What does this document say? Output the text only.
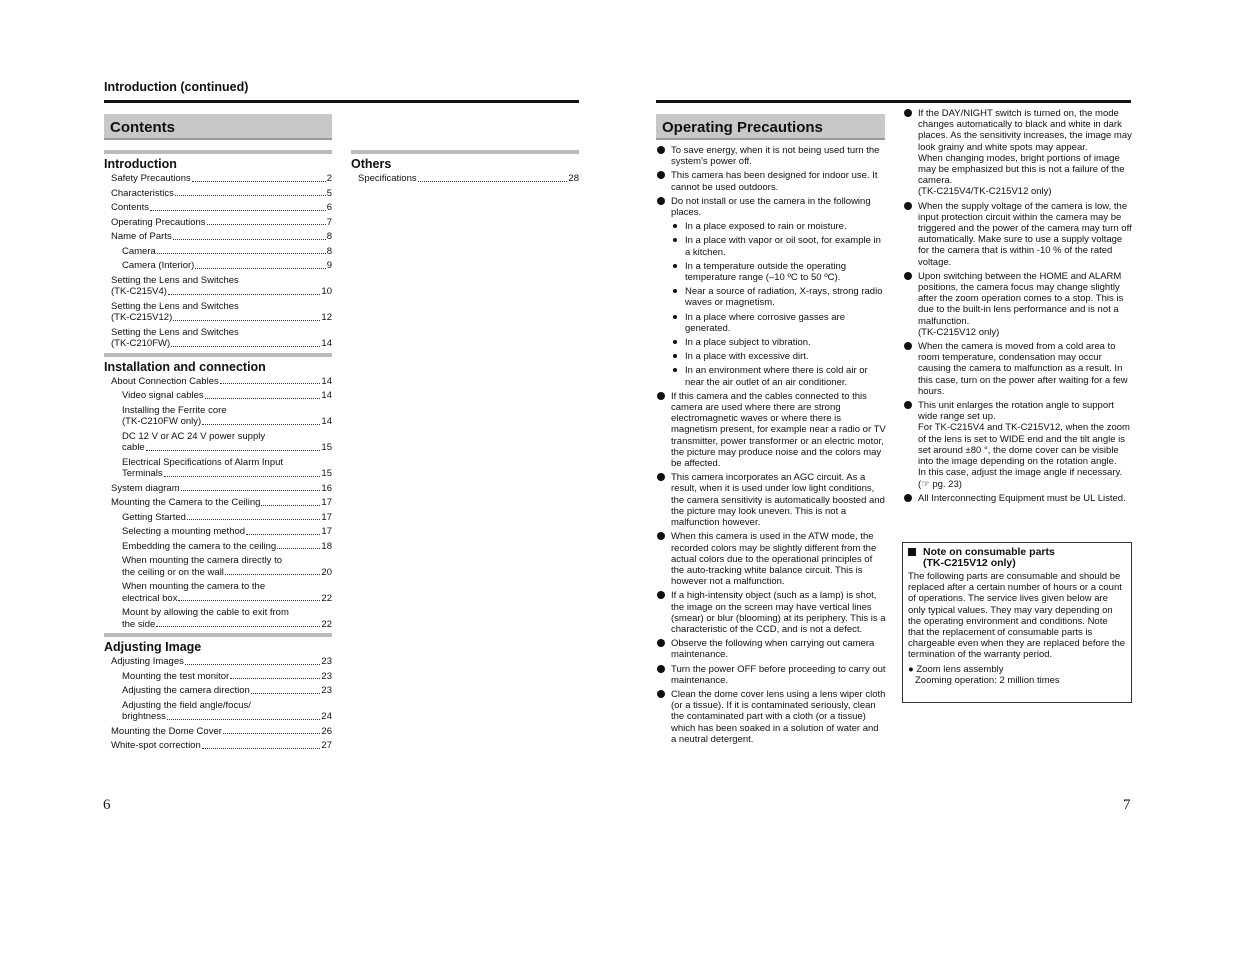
Introduction (continued)
Contents
Introduction
Safety Precautions	2
Characteristics	5
Contents	6
Operating Precautions	7
Name of Parts	8
Camera	8
Camera (Interior)	9
Setting the Lens and Switches
(TK-C215V4)	10
Setting the Lens and Switches
(TK-C215V12)	12
Setting the Lens and Switches
(TK-C210FW)	14
Installation and connection
About Connection Cables	14
Video signal cables	14
Installing the Ferrite core
(TK-C210FW only)	14
DC 12 V or AC 24 V power supply
cable	15
Electrical Specifications of Alarm Input
Terminals	15
System diagram	16
Mounting the Camera to the Ceiling	17
Getting Started	17
Selecting a mounting method	17
Embedding the camera to the ceiling	18
When mounting the camera directly to
the ceiling or on the wall	20
When mounting the camera to the
electrical box	22
Mount by allowing the cable to exit from
the side	22
Adjusting Image
Adjusting Images	23
Mounting the test monitor	23
Adjusting the camera direction	23
Adjusting the field angle/focus/
brightness	24
Mounting the Dome Cover	26
White-spot correction	27
Others
Specifications	28
6
Operating Precautions
To save energy, when it is not being used turn the system's power off.
This camera has been designed for indoor use. It cannot be used outdoors.
Do not install or use the camera in the following places.
In a place exposed to rain or moisture.
In a place with vapor or oil soot, for example in a kitchen.
In a temperature outside the operating temperature range (–10 ºC to 50 ºC).
Near a source of radiation, X-rays, strong radio waves or magnetism.
In a place where corrosive gasses are generated.
In a place subject to vibration.
In a place with excessive dirt.
In an environment where there is cold air or near the air outlet of an air conditioner.
If this camera and the cables connected to this camera are used where there are strong electromagnetic waves or where there is magnetism present, for example near a radio or TV transmitter, power transformer or an electric motor, the picture may produce noise and the colors may be affected.
This camera incorporates an AGC circuit. As a result, when it is used under low light conditions, the camera sensitivity is automatically boosted and the picture may look uneven. This is not a malfunction however.
When this camera is used in the ATW mode, the recorded colors may be slightly different from the actual colors due to the operational principles of the auto-tracking white balance circuit. This is however not a malfunction.
If a high-intensity object (such as a lamp) is shot, the image on the screen may have vertical lines (smear) or blur (blooming) at its periphery. This is a characteristic of the CCD, and is not a defect.
Observe the following when carrying out camera maintenance.
Turn the power OFF before proceeding to carry out maintenance.
Clean the dome cover lens using a lens wiper cloth (or a tissue). If it is contaminated seriously, clean the contaminated part with a cloth (or a tissue) which has been soaked in a solution of water and a neutral detergent.
If the DAY/NIGHT switch is turned on, the mode changes automatically to black and white in dark places. As the sensitivity increases, the image may look grainy and white spots may appear.
When changing modes, bright portions of image may be emphasized but this is not a failure of the camera.
(TK-C215V4/TK-C215V12 only)
When the supply voltage of the camera is low, the input protection circuit within the camera may be triggered and the power of the camera may turn off automatically. Make sure to use a supply voltage for the camera that is within -10 % of the rated voltage.
Upon switching between the HOME and ALARM positions, the camera focus may change slightly after the zoom operation comes to a stop. This is due to the built-in lens performance and is not a malfunction.
(TK-C215V12 only)
When the camera is moved from a cold area to room temperature, condensation may occur causing the camera to malfunction as a result. In this case, turn on the power after waiting for a few hours.
This unit enlarges the rotation angle to support wide range set up.
For TK-C215V4 and TK-C215V12, when the zoom of the lens is set to WIDE end and the tilt angle is set around ±80 °, the dome cover can be visible into the image depending on the rotation angle.
In this case, adjust the image angle if necessary. (☞ pg. 23)
All Interconnecting Equipment must be UL Listed.
Note on consumable parts
(TK-C215V12 only)
The following parts are consumable and should be replaced after a certain number of hours or a count of operations. The service lives given below are only typical values. They may vary depending on the operating environment and conditions. Note that the replacement of consumable parts is chargeable even when they are replaced before the termination of the warranty period.
● Zoom lens assembly
Zooming operation: 2 million times
7
